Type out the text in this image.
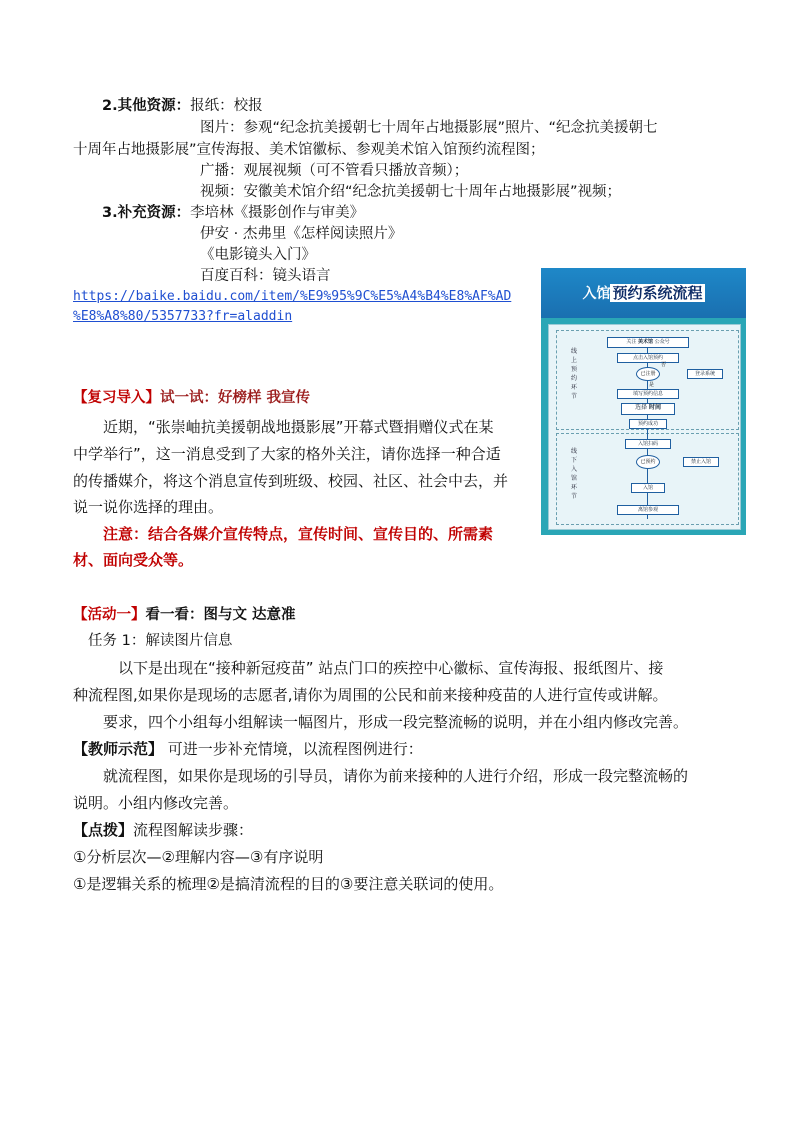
2.其他资源：报纸：校报
图片：参观“纪念抗美援朝七十周年占地摄影展”照片、“纪念抗美援朝七
十周年占地摄影展”宣传海报、美术馆徽标、参观美术馆入馆预约流程图；
广播：观展视频（可不管看只播放音频）；
视频：安徽美术馆介绍“纪念抗美援朝七十周年占地摄影展”视频；
3.补充资源：李培林《摄影创作与审美》
伊安 · 杰弗里《怎样阅读照片》
《电影镜头入门》
百度百科：镜头语言
https://baike.baidu.com/item/%E9%95%9C%E5%A4%B4%E8%AF%AD
%E8%A8%80/5357733?fr=aladdin
入馆 预约系统流程
线上预约环节
线下入馆环节
关注 美术馆 公众号
点击入馆预约
已注册
否
登录系统
是
填写预约信息
选择 时间
预约成功
入馆扫码
已预约	禁止入馆
入馆
离馆参观
【复习导入】试一试：好榜样 我宣传
近期，“张崇岫抗美援朝战地摄影展”开幕式暨捐赠仪式在某
中学举行”，这一消息受到了大家的格外关注，请你选择一种合适
的传播媒介，将这个消息宣传到班级、校园、社区、社会中去，并
说一说你选择的理由。
注意：结合各媒介宣传特点，宣传时间、宣传目的、所需素
材、面向受众等。
【活动一】看一看：图与文 达意准
任务 1：解读图片信息
以下是出现在“接种新冠疫苗” 站点门口的疾控中心徽标、宣传海报、报纸图片、接
种流程图,如果你是现场的志愿者,请你为周围的公民和前来接种疫苗的人进行宣传或讲解。
要求，四个小组每小组解读一幅图片，形成一段完整流畅的说明，并在小组内修改完善。
【教师示范】 可进一步补充情境，以流程图例进行：
就流程图，如果你是现场的引导员，请你为前来接种的人进行介绍，形成一段完整流畅的
说明。小组内修改完善。
【点拨】流程图解读步骤：
①分析层次—②理解内容—③有序说明
①是逻辑关系的梳理②是搞清流程的目的③要注意关联词的使用。
